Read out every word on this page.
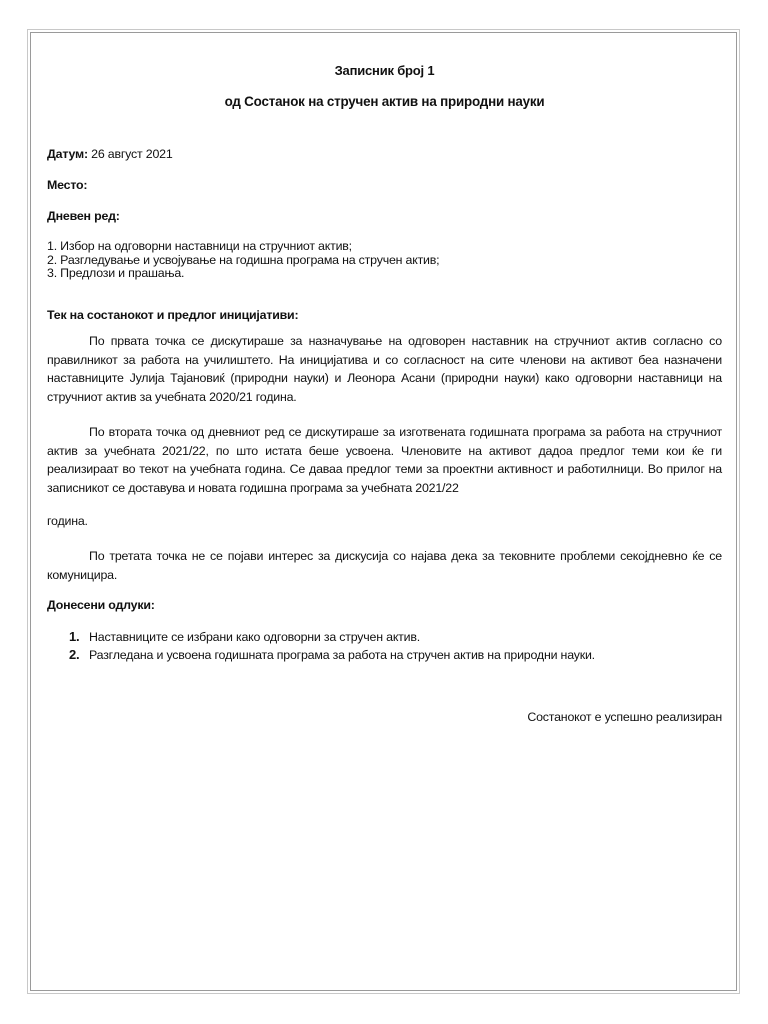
Записник број 1
од Состанок на стручен актив на природни науки
Датум: 26 август 2021
Место:
Дневен ред:
1. Избор на одговорни наставници на стручниот актив;
2. Разгледување и усвојување на годишна програма на стручен актив;
3. Предлози и прашања.
Тек на состанокот и предлог иницијативи:
По првата точка се дискутираше за назначување на одговорен наставник на стручниот актив согласно со правилникот за работа на училиштето. На иницијатива и со согласност на сите членови на активот беа назначени наставниците Јулија Тајановиќ (природни науки) и Леонора Асани (природни науки) како одговорни наставници на стручниот актив за учебната 2020/21 година.
По втората точка од дневниот ред се дискутираше за изготвената годишната програма за работа на стручниот актив за учебната 2021/22, по што истата беше усвоена. Членовите на активот дадоа предлог теми кои ќе ги реализираат во текот на учебната година. Се даваа предлог теми за проектни активност и работилници. Во прилог на записникот се доставува и новата годишна програма за учебната 2021/22
година.
По третата точка не се појави интерес за дискусија со најава дека за тековните проблеми секојдневно ќе се комуницира.
Донесени одлуки:
1. Наставниците се избрани како одговорни за стручен актив.
2. Разгледана и усвоена годишната програма за работа на стручен актив на природни науки.
Состанокот е успешно реализиран
